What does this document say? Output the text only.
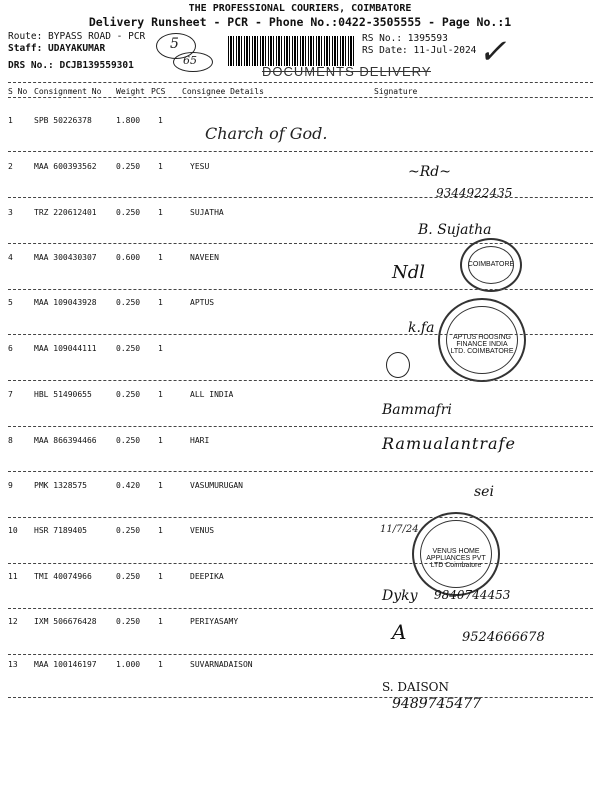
THE PROFESSIONAL COURIERS, COIMBATORE
Delivery Runsheet - PCR - Phone No.:0422-3505555 - Page No.:1
Route: BYPASS ROAD - PCR
Staff: UDAYAKUMAR
DRS No.: DCJB139559301
RS No.: 1395593
RS Date: 11-Jul-2024
DOCUMENTS DELIVERY
5
65	✓
S No Consignment No Weight PCS Consignee Details	Signature
1	SPB 50226378	1.800 1
Charch of God.
2	MAA 600393562 0.250 1	YESU	~Rd~
9344922435
3	TRZ 220612401 0.250 1	SUJATHA
B. Sujatha
4	MAA 300430307 0.600 1	NAVEEN
COIMBATORE
Ndl
5	MAA 109043928 0.250 1	APTUS
APTUS HOUSING FINANCE INDIA LTD. COIMBATORE
k.fa
6	MAA 109044111 0.250 1
7	HBL 51490655	0.250 1	ALL INDIA
Bammafri
8	MAA 866394466 0.250 1	HARI	Ramualantrafe
9	PMK 1328575	0.420 1	VASUMURUGAN	sei
10 HSR 7189405	0.250 1	VENUS
VENUS HOME APPLIANCES PVT LTD Coimbatore
11/7/24
11 TMI 40074966	0.250 1	DEEPIKA
Dyky 9840744453
12 IXM 506676428 0.250 1	PERIYASAMY	A	9524666678
13 MAA 100146197 1.000 1	SUVARNADAISON
S. DAISON
9489745477
